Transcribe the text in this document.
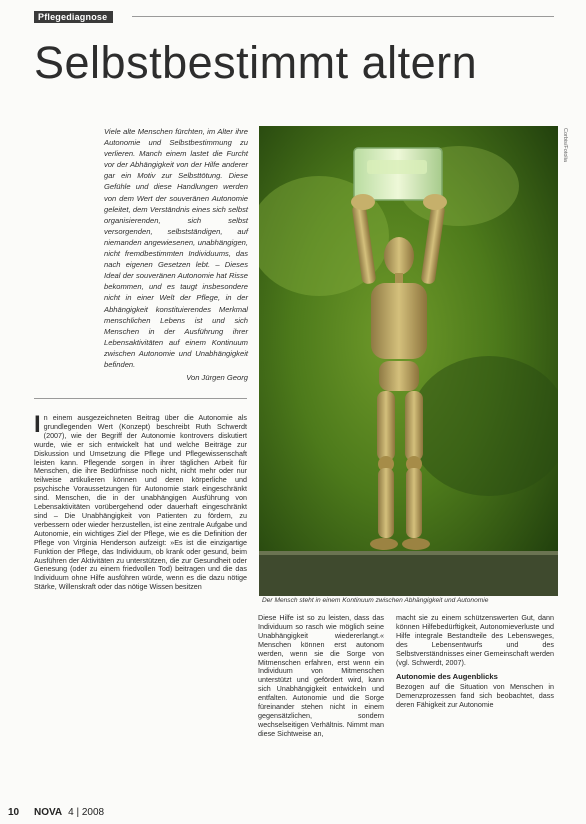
Pflegediagnose
Selbstbestimmt altern
Viele alte Menschen fürchten, im Alter ihre Autonomie und Selbstbestimmung zu verlieren. Manch einem lastet die Furcht vor der Abhängigkeit von der Hilfe anderer gar ein Motiv zur Selbsttötung. Diese Gefühle und diese Handlungen werden von dem Wert der souveränen Autonomie geleitet, dem Verständnis eines sich selbst organisierenden, sich selbst versorgenden, selbstständigen, auf niemanden angewiesenen, unabhängigen, nicht fremdbestimmten Individuums, das nach eigenen Gesetzen lebt. – Dieses Ideal der souveränen Autonomie hat Risse bekommen, und es taugt insbesondere nicht in einer Welt der Pflege, in der Abhängigkeit konstituierendes Merkmal menschlichen Lebens ist und sich Menschen in der Ausführung ihrer Lebensaktivitäten auf einem Kontinuum zwischen Autonomie und Unabhängigkeit befinden.
Von Jürgen Georg
Corbis/Fotolia
Der Mensch steht in einem Kontinuum zwischen Abhängigkeit und Autonomie

In einem ausgezeichneten Beitrag über die Autonomie als grundlegenden Wert (Konzept) beschreibt Ruth Schwerdt (2007), wie der Begriff der Autonomie kontrovers diskutiert wurde, wie er sich entwickelt hat und welche Beiträge zur Diskussion und Umsetzung die Pflege und Pflegewissenschaft leisten kann. Pflegende sorgen in ihrer täglichen Arbeit für Menschen, die ihre Bedürfnisse noch nicht, nicht mehr oder nur teilweise artikulieren können und deren körperliche und psychische Voraussetzungen für Autonomie stark eingeschränkt sind. Menschen, die in der unabhängigen Ausführung von Lebensaktivitäten vorübergehend oder dauerhaft eingeschränkt sind – Die Unabhängigkeit von Patienten zu fördern, zu verbessern oder wieder herzustellen, ist eine zentrale Aufgabe und Autonomie, ein wichtiges Ziel der Pflege, wie es die Definition der Pflege von Virginia Henderson aufzeigt: »Es ist die einzigartige Funktion der Pflege, das Individuum, ob krank oder gesund, beim Ausführen der Aktivitäten zu unterstützen, die zur Gesundheit oder Genesung (oder zu einem friedvollen Tod) beitragen und die das Individuum ohne Hilfe ausführen würde, wenn es die dazu nötige Stärke, Willenskraft oder das nötige Wissen besitzen

Diese Hilfe ist so zu leisten, dass das Individuum so rasch wie möglich seine Unabhängigkeit wiedererlangt.« Menschen können erst autonom werden, wenn sie die Sorge von Mitmenschen erfahren, erst wenn ein Individuum von Mitmenschen unterstützt und gefördert wird, kann sich Unabhängigkeit entwickeln und entfalten. Autonomie und die Sorge füreinander stehen nicht in einem gegensätzlichen, sondern wechselseitigen Verhältnis. Nimmt man diese Sichtweise an,

macht sie zu einem schützenswerten Gut, dann können Hilfebedürftigkeit, Autonomieverluste und Hilfe integrale Bestandteile des Lebensweges, des Lebensentwurfs und des Selbstverständnisses einer Gemeinschaft werden (vgl. Schwerdt, 2007).

Autonomie des Augenblicks

Bezogen auf die Situation von Menschen in Demenzprozessen fand sich beobachtet, dass deren Fähigkeit zur Autonomie

10 NOVA 4 | 2008
